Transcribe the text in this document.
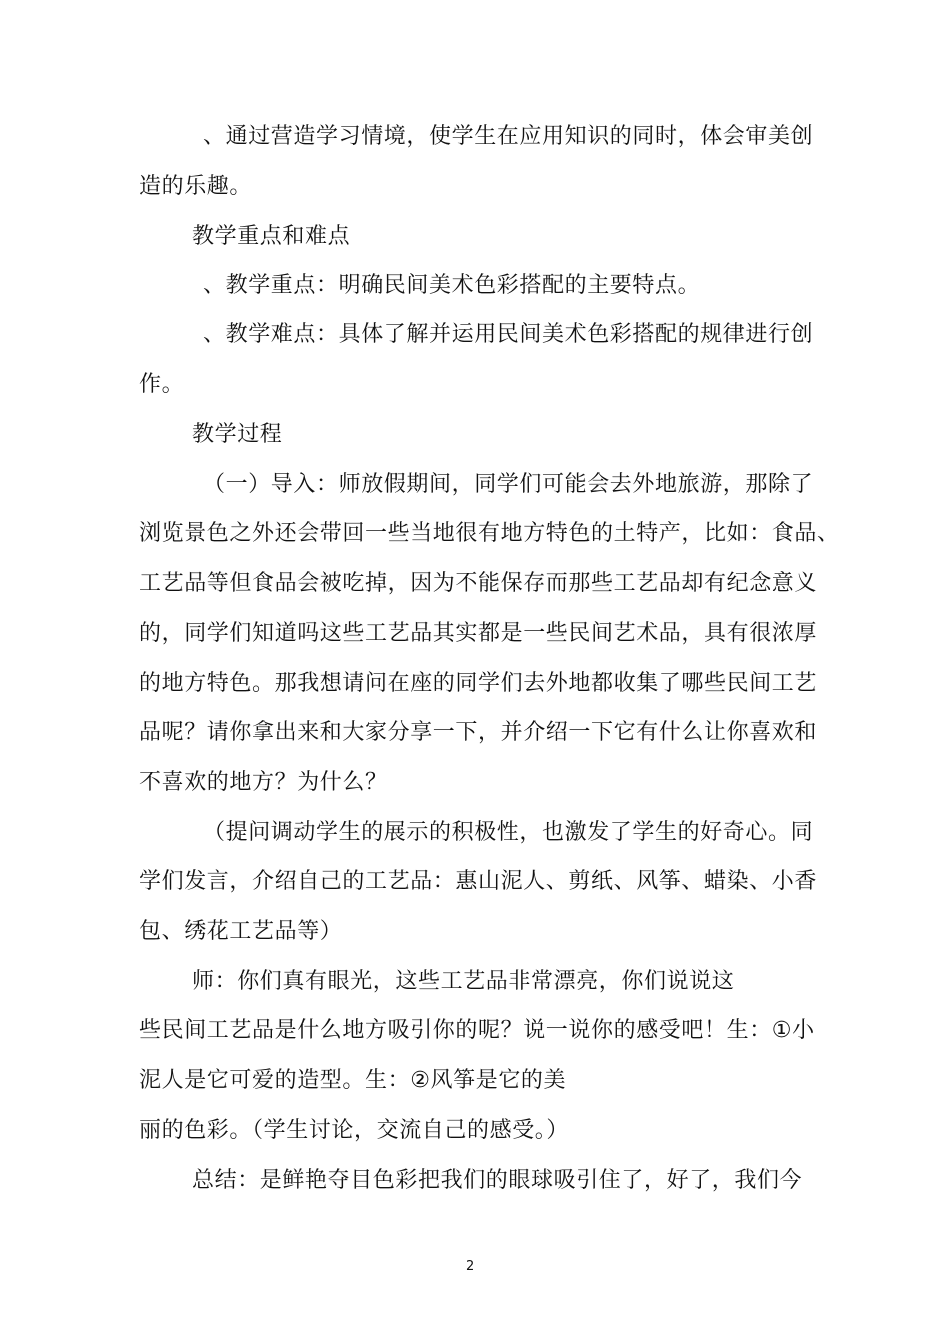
、通过营造学习情境，使学生在应用知识的同时，体会审美创

造的乐趣。

教学重点和难点

、教学重点：明确民间美术色彩搭配的主要特点。

、教学难点：具体了解并运用民间美术色彩搭配的规律进行创

作。

教学过程

（一）导入：师放假期间，同学们可能会去外地旅游，那除了

浏览景色之外还会带回一些当地很有地方特色的土特产，比如：食品、

工艺品等但食品会被吃掉，因为不能保存而那些工艺品却有纪念意义

的，同学们知道吗这些工艺品其实都是一些民间艺术品，具有很浓厚

的地方特色。那我想请问在座的同学们去外地都收集了哪些民间工艺

品呢？请你拿出来和大家分享一下，并介绍一下它有什么让你喜欢和

不喜欢的地方？为什么？

（提问调动学生的展示的积极性，也激发了学生的好奇心。同

学们发言，介绍自己的工艺品：惠山泥人、剪纸、风筝、蜡染、小香

包、绣花工艺品等）

师：你们真有眼光，这些工艺品非常漂亮，你们说说这

些民间工艺品是什么地方吸引你的呢？说一说你的感受吧！生：①小

泥人是它可爱的造型。生：②风筝是它的美

丽的色彩。（学生讨论，交流自己的感受。）

总结：是鲜艳夺目色彩把我们的眼球吸引住了，好了，我们今

2
